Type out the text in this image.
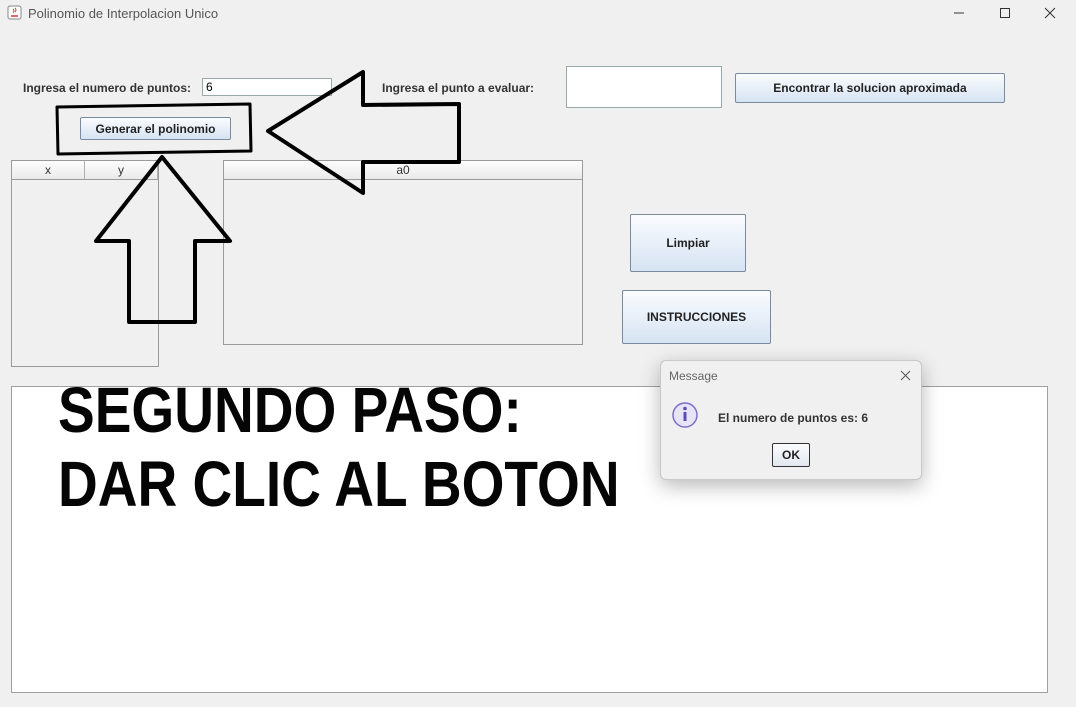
Polinomio de Interpolacion Unico
Ingresa el numero de puntos:
6	Ingresa el punto a evaluar:	Encontrar la solucion aproximada
Generar el polinomio
x	y	a0
Limpiar
INSTRUCCIONES
SEGUNDO PASO:
DAR CLIC AL BOTON
Message
El numero de puntos es: 6
OK
